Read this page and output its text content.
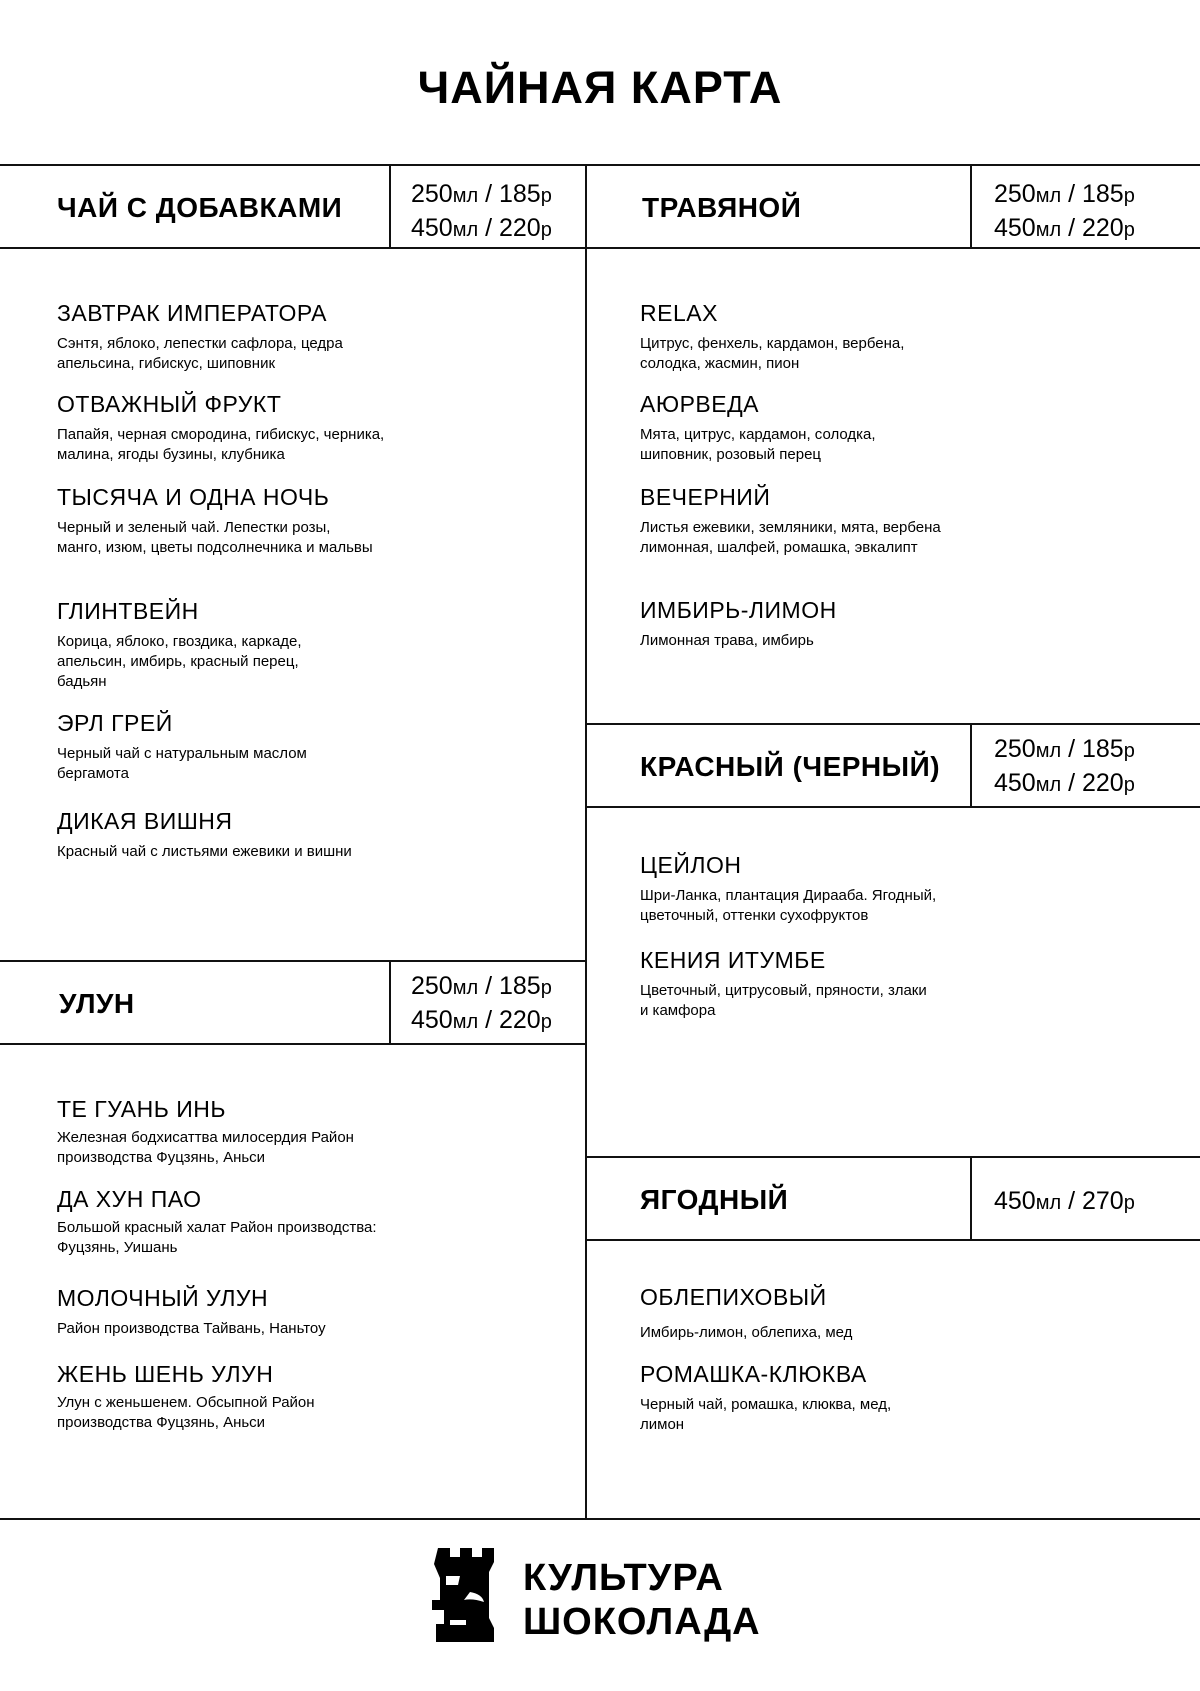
ЧАЙНАЯ КАРТА
ЧАЙ С ДОБАВКАМИ	250мл / 185р
450мл / 220р
ЗАВТРАК ИМПЕРАТОРА
Сэнтя, яблоко, лепестки сафлора, цедра апельсина, гибискус, шиповник
ОТВАЖНЫЙ ФРУКТ
Папайя, черная смородина, гибискус, черника, малина, ягоды бузины, клубника
ТЫСЯЧА И ОДНА НОЧЬ
Черный и зеленый чай. Лепестки розы, манго, изюм, цветы подсолнечника и мальвы
ГЛИНТВЕЙН
Корица, яблоко, гвоздика, каркаде, апельсин, имбирь, красный перец, бадьян
ЭРЛ ГРЕЙ
Черный чай с натуральным маслом бергамота
ДИКАЯ ВИШНЯ
Красный чай с листьями ежевики и вишни
ТРАВЯНОЙ	250мл / 185р
450мл / 220р
RELAX
Цитрус, фенхель, кардамон, вербена, солодка, жасмин, пион
АЮРВЕДА
Мята, цитрус, кардамон, солодка, шиповник, розовый перец
ВЕЧЕРНИЙ
Листья ежевики, земляники, мята, вербена лимонная, шалфей, ромашка, эвкалипт
ИМБИРЬ-ЛИМОН
Лимонная трава, имбирь
КРАСНЫЙ (ЧЕРНЫЙ)
250мл / 185р
450мл / 220р
ЦЕЙЛОН
Шри-Ланка, плантация Дирааба. Ягодный, цветочный, оттенки сухофруктов
КЕНИЯ ИТУМБЕ
Цветочный, цитрусовый, пряности, злаки и камфора
УЛУН
250мл / 185р
450мл / 220р
ТЕ ГУАНЬ ИНЬ
Железная бодхисаттва милосердия Район производства Фуцзянь, Аньси
ДА ХУН ПАО
Большой красный халат Район производства: Фуцзянь, Уишань
МОЛОЧНЫЙ УЛУН
Район производства Тайвань, Наньтоу
ЖЕНЬ ШЕНЬ УЛУН
Улун с женьшенем. Обсыпной Район производства Фуцзянь, Аньси
ЯГОДНЫЙ	450мл / 270р
ОБЛЕПИХОВЫЙ
Имбирь-лимон, облепиха, мед
РОМАШКА-КЛЮКВА
Черный чай, ромашка, клюква, мед, лимон
КУЛЬТУРА
ШОКОЛАДА
